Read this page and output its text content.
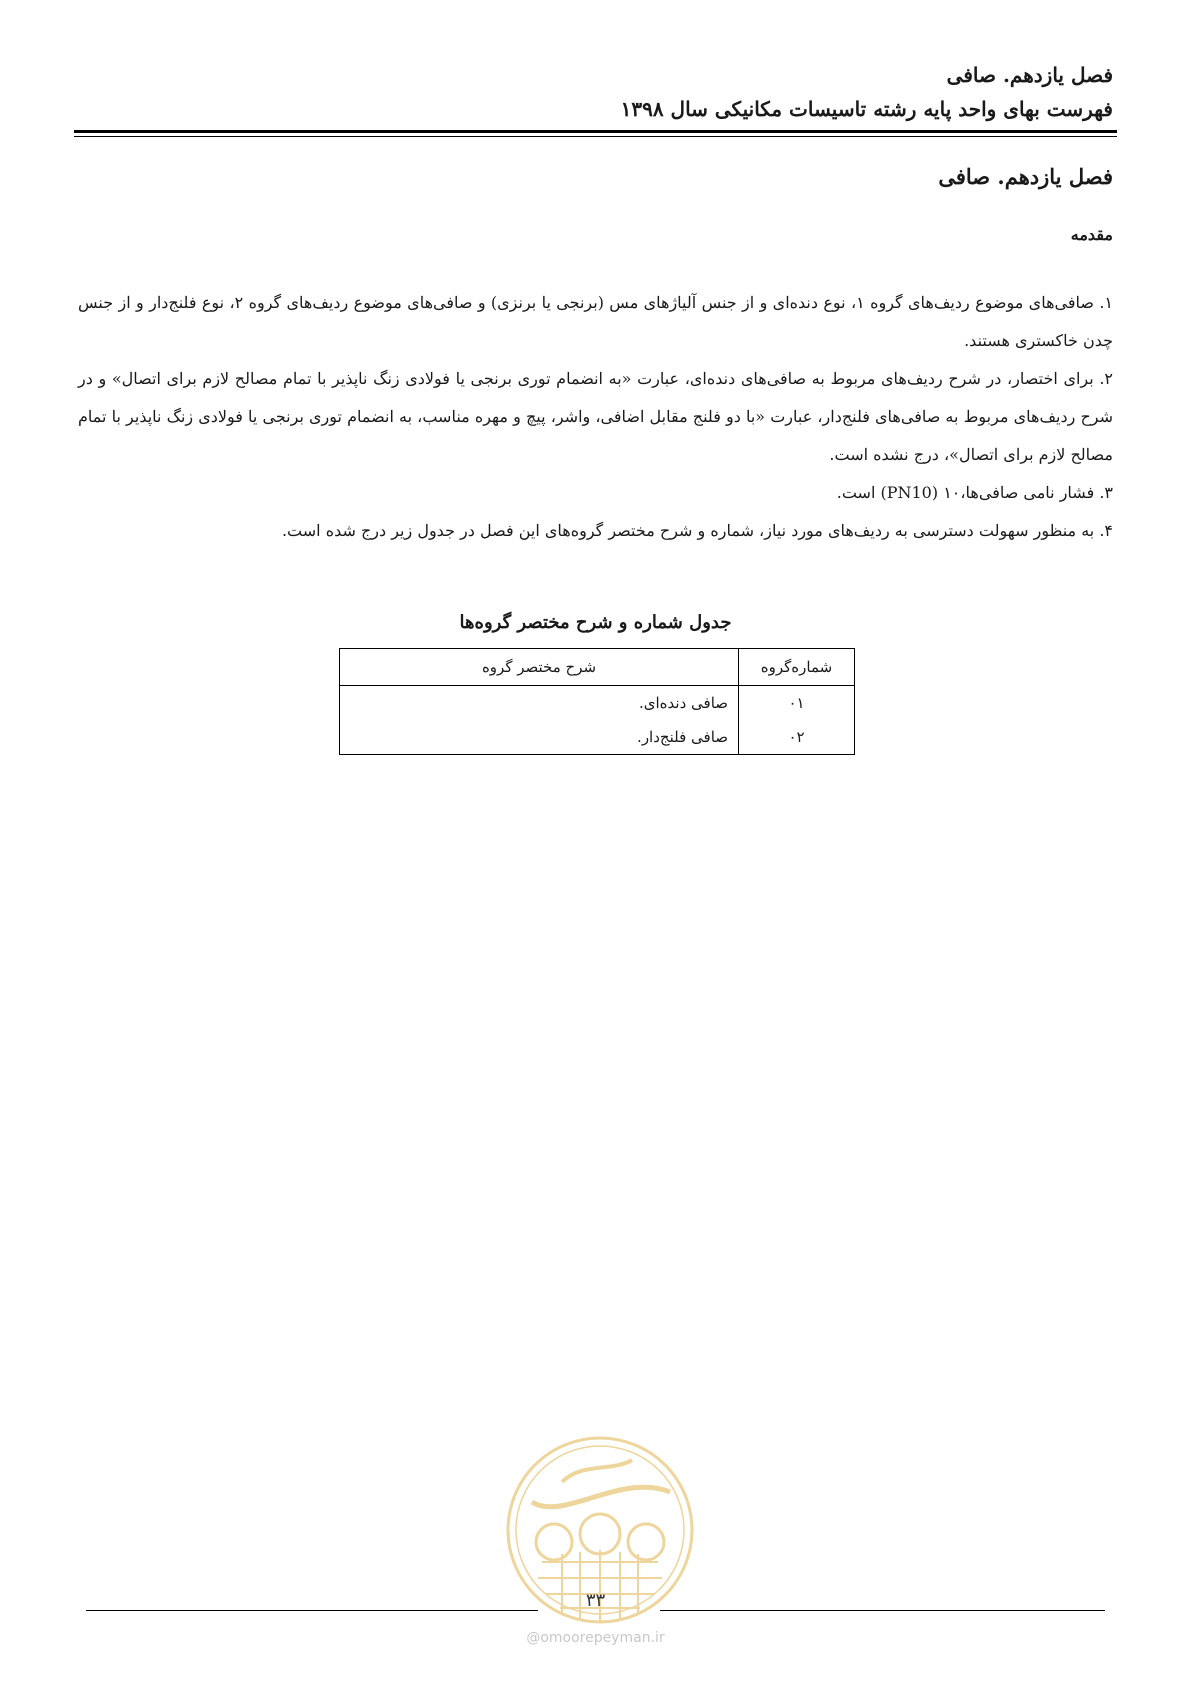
فصل یازدهم. صافی
فهرست بهای واحد پایه رشته تاسیسات مکانیکی سال ۱۳۹۸
فصل یازدهم. صافی
مقدمه

۱. صافی‌های موضوع ردیف‌های گروه ۱، نوع دنده‌ای و از جنس آلیاژهای مس (برنجی یا برنزی) و صافی‌های موضوع ردیف‌های گروه ۲، نوع فلنج‌دار و از جنس چدن خاکستری هستند.

۲. برای اختصار، در شرح ردیف‌های مربوط به صافی‌های دنده‌ای، عبارت «به انضمام توری برنجی یا فولادی زنگ ناپذیر با تمام مصالح لازم برای اتصال» و در شرح ردیف‌های مربوط به صافی‌های فلنج‌دار، عبارت «با دو فلنج مقابل اضافی، واشر، پیچ و مهره مناسب، به انضمام توری برنجی یا فولادی زنگ ناپذیر با تمام مصالح لازم برای اتصال»، درج نشده است.

۳. فشار نامی صافی‌ها،۱۰ (PN10) است.

۴. به منظور سهولت دسترسی به ردیف‌های مورد نیاز، شماره و شرح مختصر گروه‌های این فصل در جدول زیر درج شده است.

جدول شماره و شرح مختصر گروه‌ها
شماره‌گروه	شرح مختصر گروه
۰۱	صافی دنده‌ای.
۰۲	صافی فلنج‌دار.
۳۳
@omoorepeyman.ir
